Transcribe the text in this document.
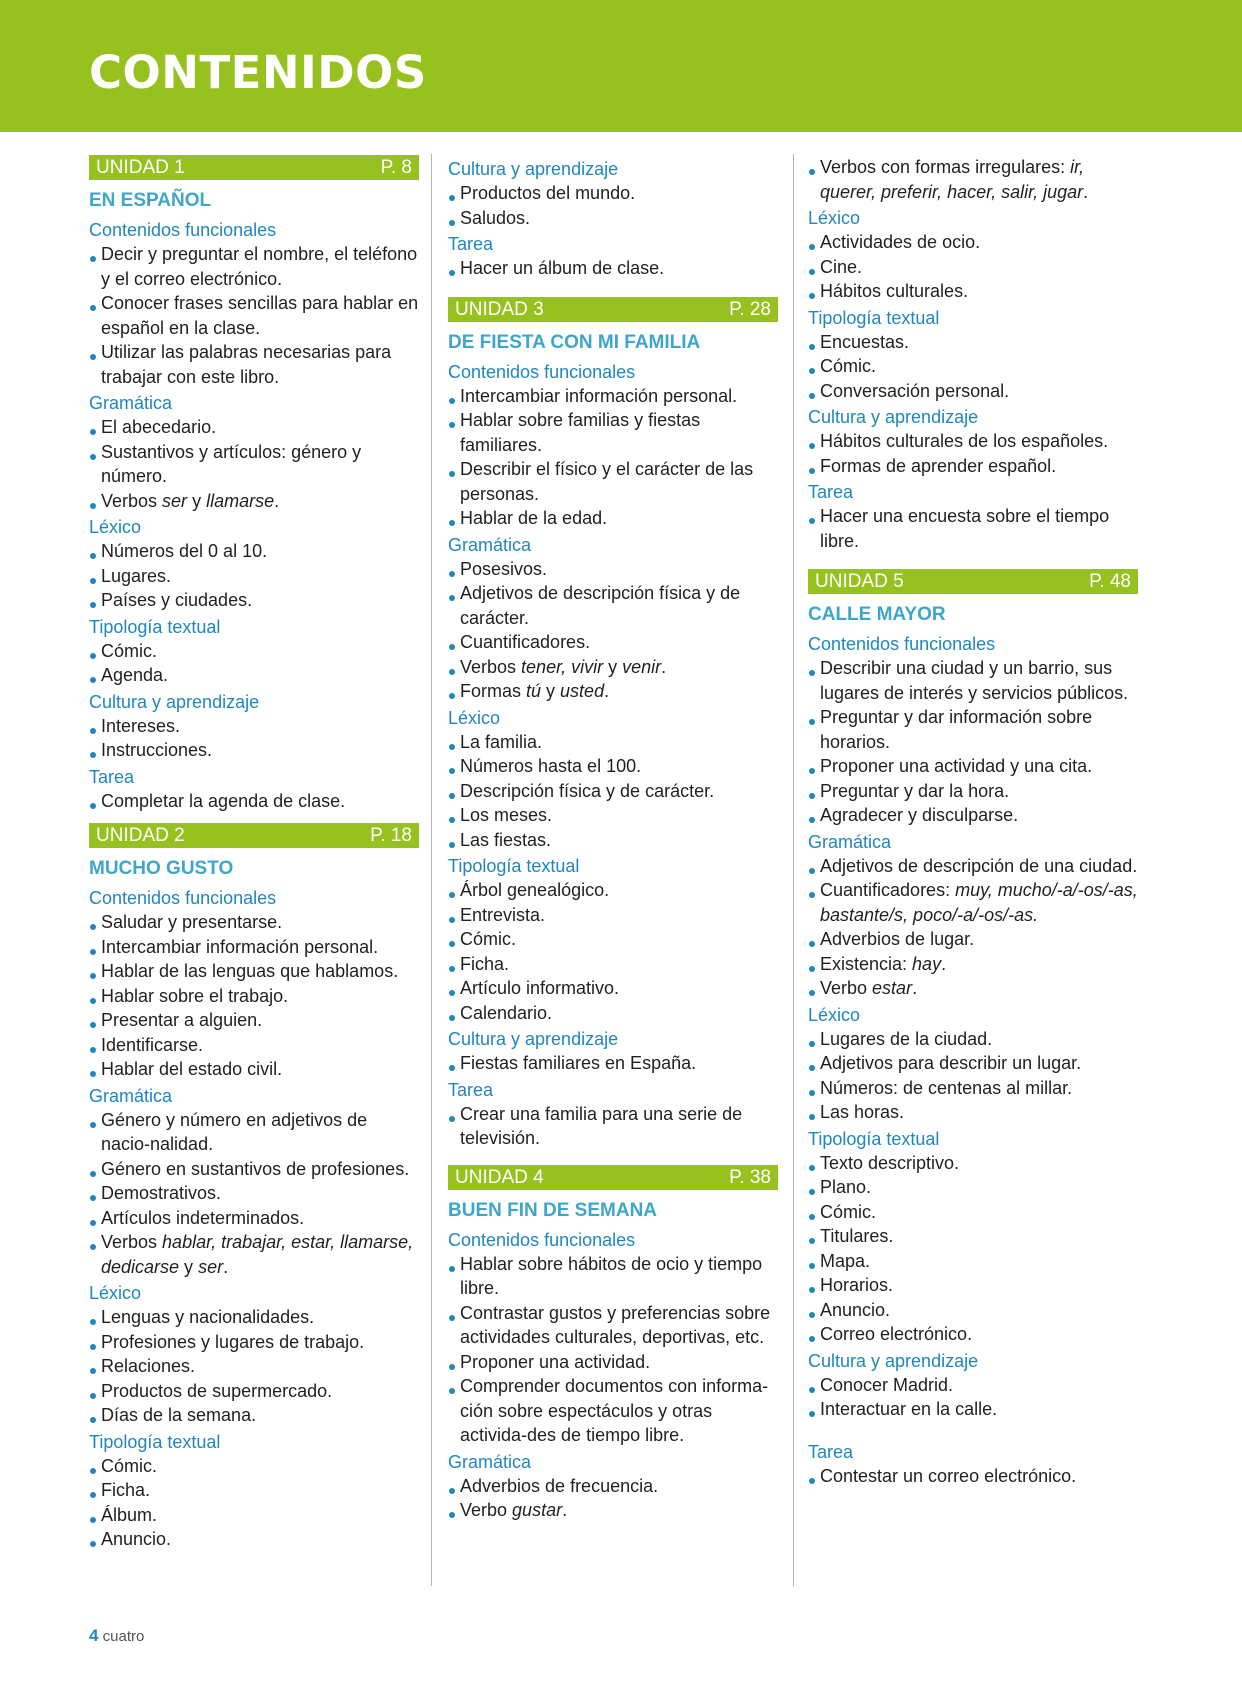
CONTENIDOS
UNIDAD 1	P. 8
EN ESPAÑOL
Contenidos funcionales
Decir y preguntar el nombre, el teléfono y el correo electrónico.
Conocer frases sencillas para hablar en español en la clase.
Utilizar las palabras necesarias para trabajar con este libro.
Gramática
El abecedario.
Sustantivos y artículos: género y número.
Verbos ser y llamarse.
Léxico
Números del 0 al 10.
Lugares.
Países y ciudades.
Tipología textual
Cómic.
Agenda.
Cultura y aprendizaje
Intereses.
Instrucciones.
Tarea
Completar la agenda de clase.
UNIDAD 2	P. 18
MUCHO GUSTO
Contenidos funcionales
Saludar y presentarse.
Intercambiar información personal.
Hablar de las lenguas que hablamos.
Hablar sobre el trabajo.
Presentar a alguien.
Identificarse.
Hablar del estado civil.
Gramática
Género y número en adjetivos de nacio-nalidad.
Género en sustantivos de profesiones.
Demostrativos.
Artículos indeterminados.
Verbos hablar, trabajar, estar, llamarse, dedicarse y ser.
Léxico
Lenguas y nacionalidades.
Profesiones y lugares de trabajo.
Relaciones.
Productos de supermercado.
Días de la semana.
Tipología textual
Cómic.
Ficha.
Álbum.
Anuncio.
Cultura y aprendizaje
Productos del mundo.
Saludos.
Tarea
Hacer un álbum de clase.
UNIDAD 3	P. 28
DE FIESTA CON MI FAMILIA
Contenidos funcionales
Intercambiar información personal.
Hablar sobre familias y fiestas familiares.
Describir el físico y el carácter de las personas.
Hablar de la edad.
Gramática
Posesivos.
Adjetivos de descripción física y de carácter.
Cuantificadores.
Verbos tener, vivir y venir.
Formas tú y usted.
Léxico
La familia.
Números hasta el 100.
Descripción física y de carácter.
Los meses.
Las fiestas.
Tipología textual
Árbol genealógico.
Entrevista.
Cómic.
Ficha.
Artículo informativo.
Calendario.
Cultura y aprendizaje
Fiestas familiares en España.
Tarea
Crear una familia para una serie de televisión.
UNIDAD 4	P. 38
BUEN FIN DE SEMANA
Contenidos funcionales
Hablar sobre hábitos de ocio y tiempo libre.
Contrastar gustos y preferencias sobre actividades culturales, deportivas, etc.
Proponer una actividad.
Comprender documentos con informa-ción sobre espectáculos y otras activida-des de tiempo libre.
Gramática
Adverbios de frecuencia.
Verbo gustar.
Verbos con formas irregulares: ir, querer, preferir, hacer, salir, jugar.
Léxico
Actividades de ocio.
Cine.
Hábitos culturales.
Tipología textual
Encuestas.
Cómic.
Conversación personal.
Cultura y aprendizaje
Hábitos culturales de los españoles.
Formas de aprender español.
Tarea
Hacer una encuesta sobre el tiempo libre.
UNIDAD 5	P. 48
CALLE MAYOR
Contenidos funcionales
Describir una ciudad y un barrio, sus lugares de interés y servicios públicos.
Preguntar y dar información sobre horarios.
Proponer una actividad y una cita.
Preguntar y dar la hora.
Agradecer y disculparse.
Gramática
Adjetivos de descripción de una ciudad.
Cuantificadores: muy, mucho/-a/-os/-as, bastante/s, poco/-a/-os/-as.
Adverbios de lugar.
Existencia: hay.
Verbo estar.
Léxico
Lugares de la ciudad.
Adjetivos para describir un lugar.
Números: de centenas al millar.
Las horas.
Tipología textual
Texto descriptivo.
Plano.
Cómic.
Titulares.
Mapa.
Horarios.
Anuncio.
Correo electrónico.
Cultura y aprendizaje
Conocer Madrid.
Interactuar en la calle.
Tarea
Contestar un correo electrónico.
4 cuatro
